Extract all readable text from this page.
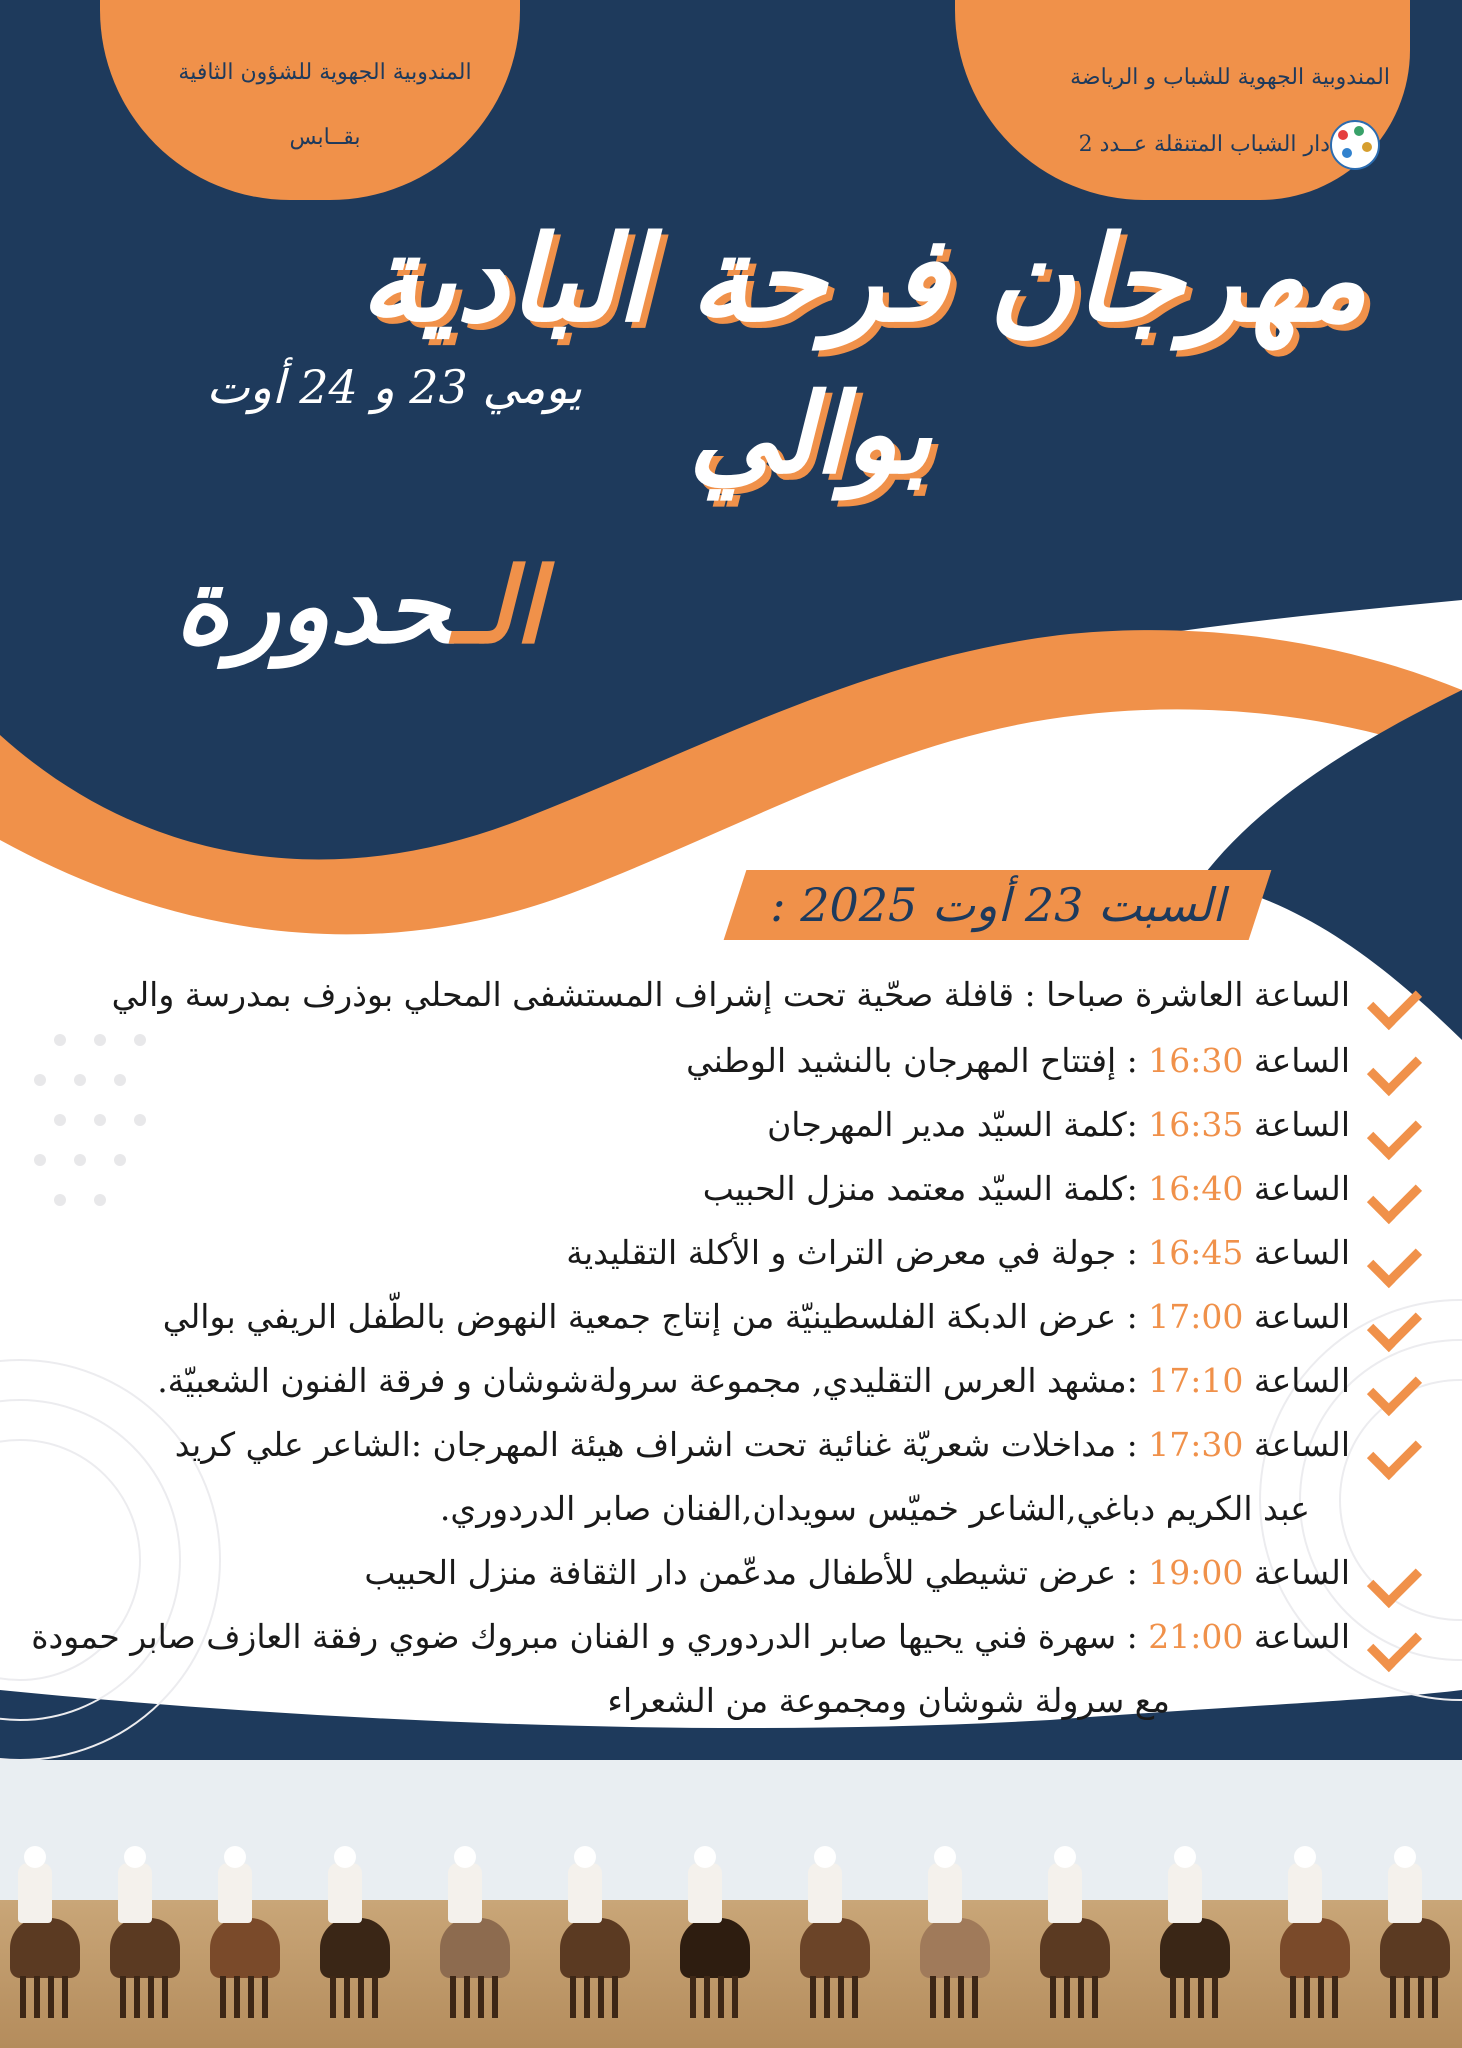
المندوبية الجهوية للشؤون الثافية
بقــابس
المندوبية الجهوية للشباب و الرياضة
دار الشباب المتنقلة عــدد 2
مهرجان فرحة البادية
بوالي
يومي 23 و 24 أوت
الـحدورة
السبت 23 أوت 2025 :
الساعة العاشرة صباحا : قافلة صحّية تحت إشراف المستشفى المحلي بوذرف بمدرسة والي
الساعة 16:30 : إفتتاح المهرجان بالنشيد الوطني
الساعة 16:35 :كلمة السيّد مدير المهرجان
الساعة 16:40 :كلمة السيّد معتمد منزل الحبيب
الساعة 16:45 : جولة في معرض التراث و الأكلة التقليدية
الساعة 17:00 : عرض الدبكة الفلسطينيّة من إنتاج جمعية النهوض بالطّفل الريفي بوالي
الساعة 17:10 :مشهد العرس التقليدي, مجموعة سرولةشوشان و فرقة الفنون الشعبيّة.
الساعة 17:30 : مداخلات شعريّة غنائية تحت اشراف هيئة المهرجان :الشاعر علي كريد
عبد الكريم دباغي,الشاعر خميّس سويدان,الفنان صابر الدردوري.
الساعة 19:00 : عرض تشيطي للأطفال مدعّمن دار الثقافة منزل الحبيب
الساعة 21:00 : سهرة فني يحيها صابر الدردوري و الفنان مبروك ضوي رفقة العازف صابر حمودة
مع سرولة شوشان ومجموعة من الشعراء
